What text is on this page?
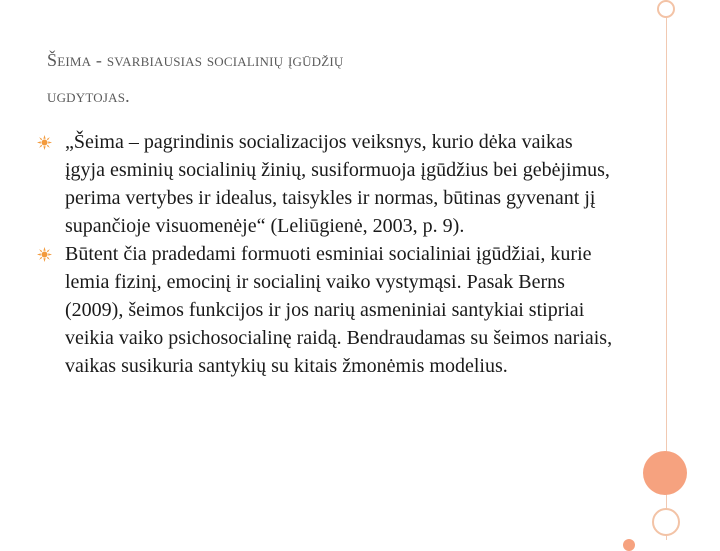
Šeima - svarbiausias socialinių įgūdžių
ugdytojas.
„Šeima – pagrindinis socializacijos veiksnys, kurio dėka vaikas įgyja esminių socialinių žinių, susiformuoja įgūdžius bei gebėjimus, perima vertybes ir idealus, taisykles ir normas, būtinas gyvenant jį supančioje visuomenėje“ (Leliūgienė, 2003, p. 9).
Būtent čia pradedami formuoti esminiai socialiniai įgūdžiai, kurie lemia fizinį, emocinį ir socialinį vaiko vystymąsi. Pasak Berns (2009), šeimos funkcijos ir jos narių asmeniniai santykiai stipriai veikia vaiko psichosocialinę raidą. Bendraudamas su šeimos nariais, vaikas susikuria santykių su kitais žmonėmis modelius.
